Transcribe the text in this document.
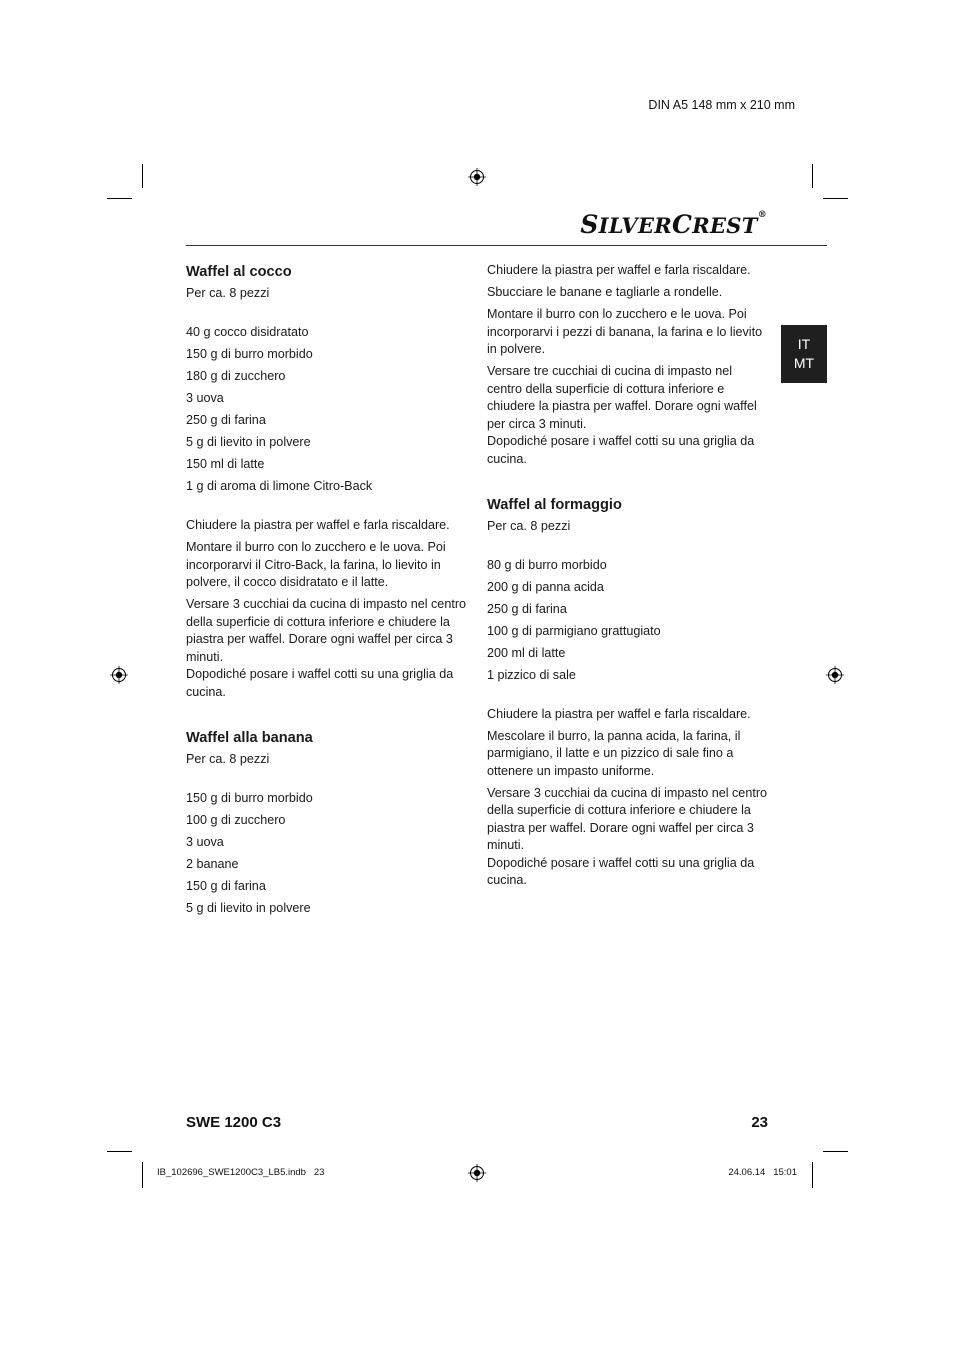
DIN A5 148 mm x 210 mm
SILVERCREST®
IT
MT
Waffel al cocco

Per ca. 8 pezzi

40 g cocco disidratato

150 g di burro morbido

180 g di zucchero

3 uova

250 g di farina

5 g di lievito in polvere

150 ml di latte

1 g di aroma di limone Citro-Back

Chiudere la piastra per waffel e farla riscaldare.

Montare il burro con lo zucchero e le uova. Poi incorporarvi il Citro-Back, la farina, lo lievito in polvere, il cocco disidratato e il latte.

Versare 3 cucchiai da cucina di impasto nel centro della superficie di cottura inferiore e chiudere la piastra per waffel. Dorare ogni waffel per circa 3 minuti.

Dopodiché posare i waffel cotti su una griglia da cucina.

Waffel alla banana

Per ca. 8 pezzi

150 g di burro morbido

100 g di zucchero

3 uova

2 banane

150 g di farina

5 g di lievito in polvere

Chiudere la piastra per waffel e farla riscaldare.

Sbucciare le banane e tagliarle a rondelle.

Montare il burro con lo zucchero e le uova. Poi incorporarvi i pezzi di banana, la farina e lo lievito in polvere.

Versare tre cucchiai di cucina di impasto nel centro della superficie di cottura inferiore e chiudere la piastra per waffel. Dorare ogni waffel per circa 3 minuti.

Dopodiché posare i waffel cotti su una griglia da cucina.

Waffel al formaggio

Per ca. 8 pezzi

80 g di burro morbido

200 g di panna acida

250 g di farina

100 g di parmigiano grattugiato

200 ml di latte

1 pizzico di sale

Chiudere la piastra per waffel e farla riscaldare.

Mescolare il burro, la panna acida, la farina, il parmigiano, il latte e un pizzico di sale fino a ottenere un impasto uniforme.

Versare 3 cucchiai da cucina di impasto nel centro della superficie di cottura inferiore e chiudere la piastra per waffel. Dorare ogni waffel per circa 3 minuti.

Dopodiché posare i waffel cotti su una griglia da cucina.

SWE 1200 C3	23
IB_102696_SWE1200C3_LB5.indb   23	24.06.14   15:01
